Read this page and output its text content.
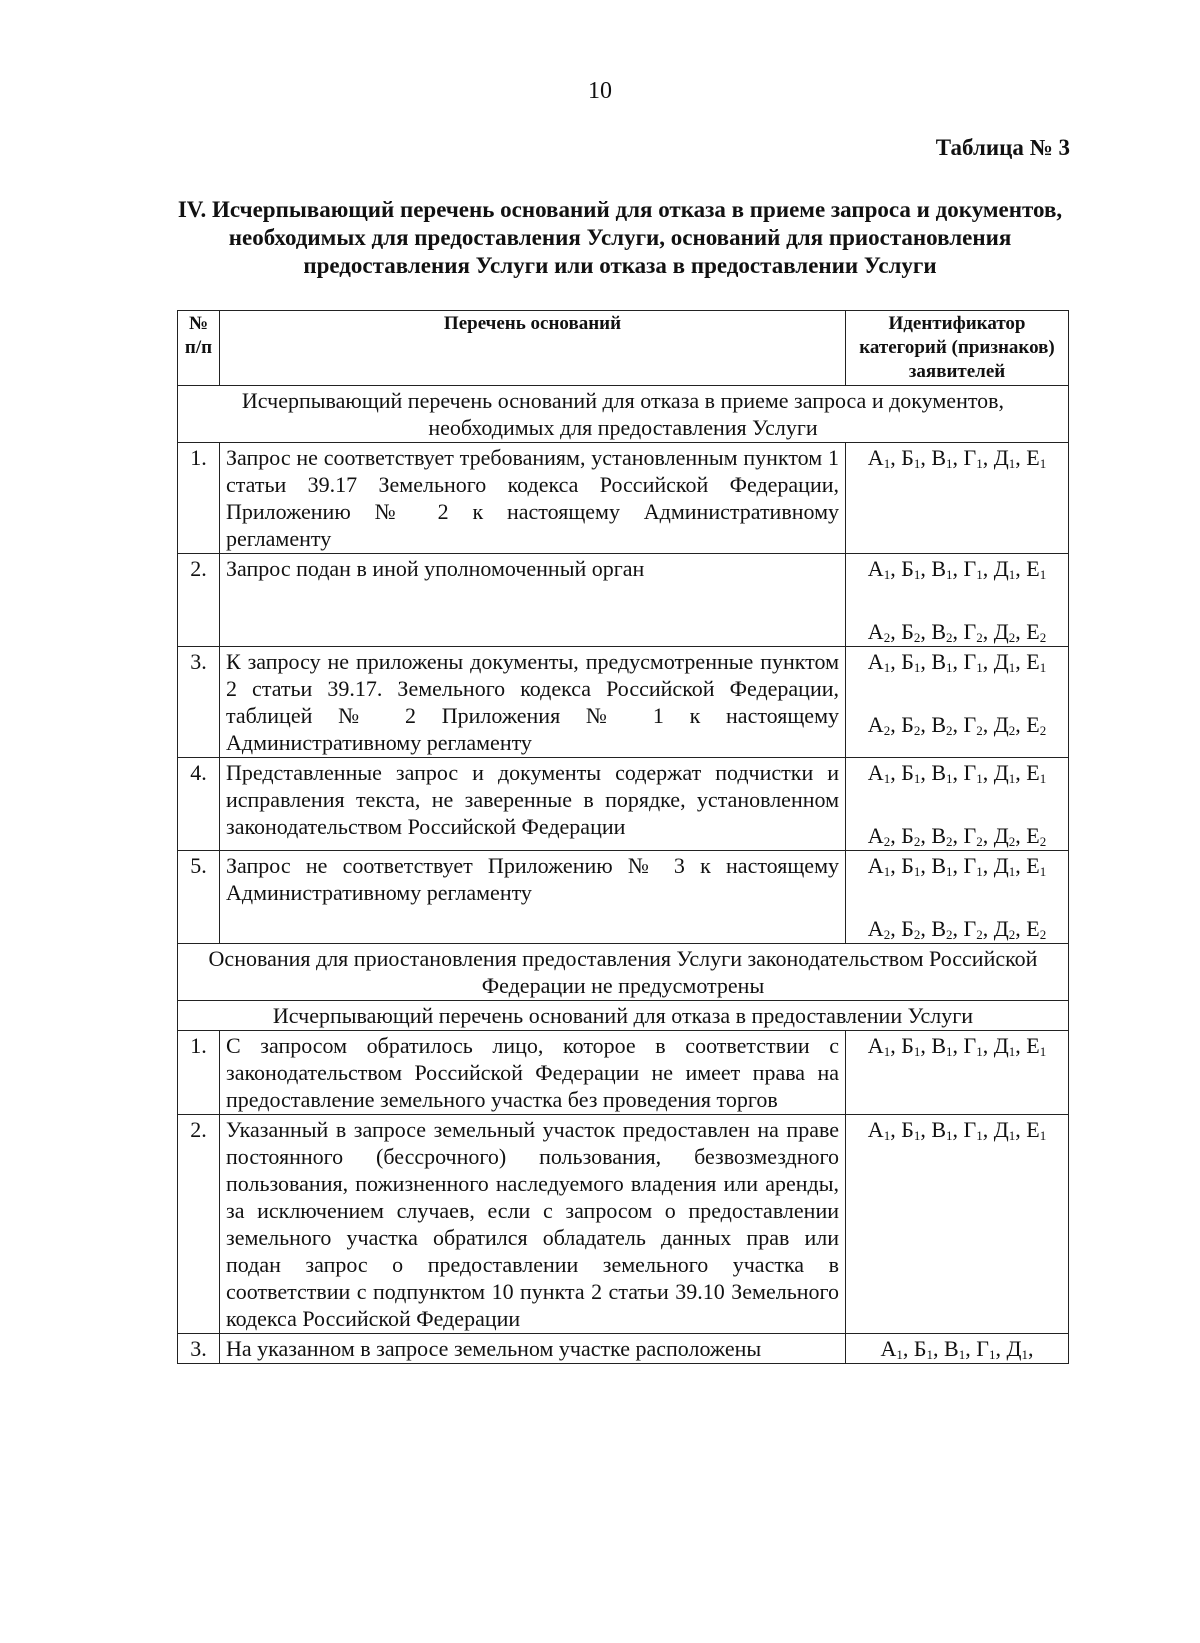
10
Таблица № 3
IV. Исчерпывающий перечень оснований для отказа в приеме запроса и документов, необходимых для предоставления Услуги, оснований для приостановления предоставления Услуги или отказа в предоставлении Услуги
№ п/п	Перечень оснований	Идентификатор категорий (признаков) заявителей
Исчерпывающий перечень оснований для отказа в приеме запроса и документов, необходимых для предоставления Услуги		
1.	Запрос не соответствует требованиям, установленным пунктом 1 статьи 39.17 Земельного кодекса Российской Федерации, Приложению № 2 к настоящему Административному регламенту	$А_1$, $Б_1$, $В_1$, $Г_1$, $Д_1$, $Е_1$

2.	Запрос подан в иной уполномоченный орган	$А_1$, $Б_1$, $В_1$, $Г_1$, $Д_1$, $Е_1$
$А_2$, $Б_2$, $В_2$, $Г_2$, $Д_2$, $Е_2$

3.	К запросу не приложены документы, предусмотренные пунктом 2 статьи 39.17. Земельного кодекса Российской Федерации, таблицей № 2 Приложения № 1 к настоящему Административному регламенту	$А_1$, $Б_1$, $В_1$, $Г_1$, $Д_1$, $Е_1$
$А_2$, $Б_2$, $В_2$, $Г_2$, $Д_2$, $Е_2$

4.	Представленные запрос и документы содержат подчистки и исправления текста, не заверенные в порядке, установленном законодательством Российской Федерации	$А_1$, $Б_1$, $В_1$, $Г_1$, $Д_1$, $Е_1$
$А_2$, $Б_2$, $В_2$, $Г_2$, $Д_2$, $Е_2$

5.	Запрос не соответствует Приложению № 3 к настоящему Административному регламенту	$А_1$, $Б_1$, $В_1$, $Г_1$, $Д_1$, $Е_1$
$А_2$, $Б_2$, $В_2$, $Г_2$, $Д_2$, $Е_2$

Основания для приостановления предоставления Услуги законодательством Российской Федерации не предусмотрены		
Исчерпывающий перечень оснований для отказа в предоставлении Услуги		
1.	С запросом обратилось лицо, которое в соответствии с законодательством Российской Федерации не имеет права на предоставление земельного участка без проведения торгов	$А_1$, $Б_1$, $В_1$, $Г_1$, $Д_1$, $Е_1$

2.	Указанный в запросе земельный участок предоставлен на праве постоянного (бессрочного) пользования, безвозмездного пользования, пожизненного наследуемого владения или аренды, за исключением случаев, если с запросом о предоставлении земельного участка обратился обладатель данных прав или подан запрос о предоставлении земельного участка в соответствии с подпунктом 10 пункта 2 статьи 39.10 Земельного кодекса Российской Федерации	$А_1$, $Б_1$, $В_1$, $Г_1$, $Д_1$, $Е_1$

3.	На указанном в запросе земельном участке расположены	$А_1$, $Б_1$, $В_1$, $Г_1$, $Д_1$,
